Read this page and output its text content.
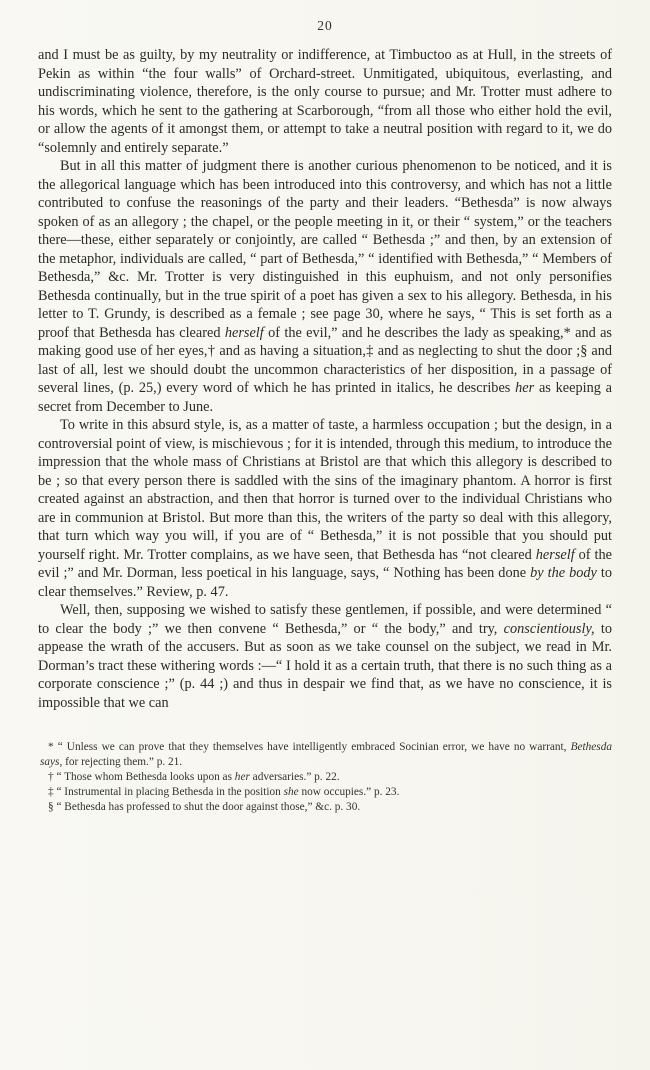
20

and I must be as guilty, by my neutrality or indifference, at Timbuctoo as at Hull, in the streets of Pekin as within “the four walls” of Orchard-street. Unmitigated, ubiquitous, everlasting, and undiscriminating violence, therefore, is the only course to pursue; and Mr. Trotter must adhere to his words, which he sent to the gathering at Scarborough, “from all those who either hold the evil, or allow the agents of it amongst them, or attempt to take a neutral position with regard to it, we do “solemnly and entirely separate.”

But in all this matter of judgment there is another curious phenomenon to be noticed, and it is the allegorical language which has been introduced into this controversy, and which has not a little contributed to confuse the reasonings of the party and their leaders. “Bethesda” is now always spoken of as an allegory ; the chapel, or the people meeting in it, or their “ system,” or the teachers there—these, either separately or conjointly, are called “ Bethesda ;” and then, by an extension of the metaphor, individuals are called, “ part of Bethesda,” “ identified with Bethesda,” “ Members of Bethesda,” &c. Mr. Trotter is very distinguished in this euphuism, and not only personifies Bethesda continually, but in the true spirit of a poet has given a sex to his allegory. Bethesda, in his letter to T. Grundy, is described as a female ; see page 30, where he says, “ This is set forth as a proof that Bethesda has cleared herself of the evil,” and he describes the lady as speaking,* and as making good use of her eyes,† and as having a situation,‡ and as neglecting to shut the door ;§ and last of all, lest we should doubt the uncommon characteristics of her disposition, in a passage of several lines, (p. 25,) every word of which he has printed in italics, he describes her as keeping a secret from December to June.

To write in this absurd style, is, as a matter of taste, a harmless occupation ; but the design, in a controversial point of view, is mischievous ; for it is intended, through this medium, to introduce the impression that the whole mass of Christians at Bristol are that which this allegory is described to be ; so that every person there is saddled with the sins of the imaginary phantom. A horror is first created against an abstraction, and then that horror is turned over to the individual Christians who are in communion at Bristol. But more than this, the writers of the party so deal with this allegory, that turn which way you will, if you are of “ Bethesda,” it is not possible that you should put yourself right. Mr. Trotter complains, as we have seen, that Bethesda has “not cleared herself of the evil ;” and Mr. Dorman, less poetical in his language, says, “ Nothing has been done by the body to clear themselves.” Review, p. 47.

Well, then, supposing we wished to satisfy these gentlemen, if possible, and were determined “ to clear the body ;” we then convene “ Bethesda,” or “ the body,” and try, conscientiously, to appease the wrath of the accusers. But as soon as we take counsel on the subject, we read in Mr. Dorman’s tract these withering words :—“ I hold it as a certain truth, that there is no such thing as a corporate conscience ;” (p. 44 ;) and thus in despair we find that, as we have no conscience, it is impossible that we can

* “ Unless we can prove that they themselves have intelligently embraced Socinian error, we have no warrant, Bethesda says, for rejecting them.” p. 21.

† “ Those whom Bethesda looks upon as her adversaries.” p. 22.

‡ “ Instrumental in placing Bethesda in the position she now occupies.” p. 23.

§ “ Bethesda has professed to shut the door against those,” &c. p. 30.
